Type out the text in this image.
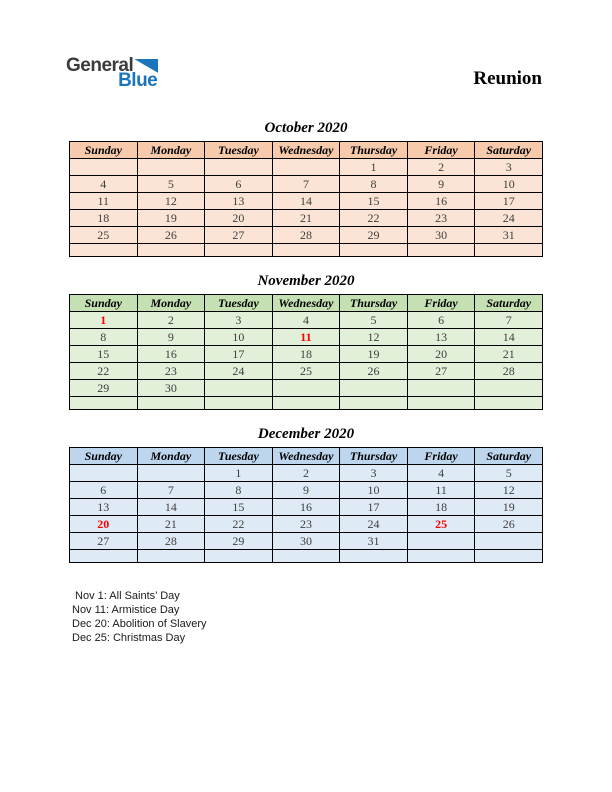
General
Blue	Reunion
October 2020
Sunday	Monday	Tuesday	Wednesday	Thursday	Friday	Saturday
				1	2	3
4	5	6	7	8	9	10
11	12	13	14	15	16	17
18	19	20	21	22	23	24
25	26	27	28	29	30	31

November 2020
Sunday	Monday	Tuesday	Wednesday	Thursday	Friday	Saturday
1	2	3	4	5	6	7
8	9	10	11	12	13	14
15	16	17	18	19	20	21
22	23	24	25	26	27	28
29	30					

December 2020
Sunday	Monday	Tuesday	Wednesday	Thursday	Friday	Saturday
		1	2	3	4	5
6	7	8	9	10	11	12
13	14	15	16	17	18	19
20	21	22	23	24	25	26
27	28	29	30	31		

Nov 1: All Saints’ Day
Nov 11: Armistice Day
Dec 20: Abolition of Slavery
Dec 25: Christmas Day
